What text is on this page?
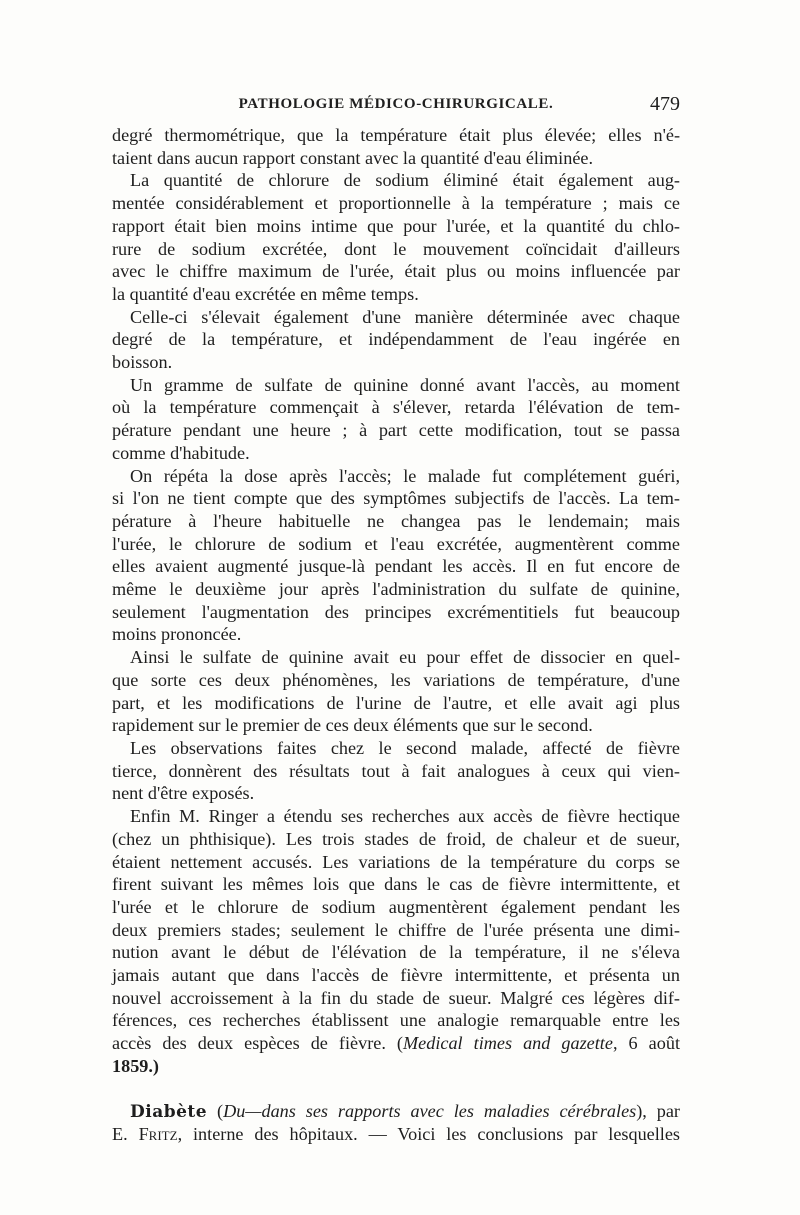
PATHOLOGIE MÉDICO-CHIRURGICALE.	479
degré thermométrique, que la température était plus élevée; elles n'é-
taient dans aucun rapport constant avec la quantité d'eau éliminée.
La quantité de chlorure de sodium éliminé était également aug-
mentée considérablement et proportionnelle à la température ; mais ce
rapport était bien moins intime que pour l'urée, et la quantité du chlo-
rure de sodium excrétée, dont le mouvement coïncidait d'ailleurs
avec le chiffre maximum de l'urée, était plus ou moins influencée par
la quantité d'eau excrétée en même temps.
Celle-ci s'élevait également d'une manière déterminée avec chaque
degré de la température, et indépendamment de l'eau ingérée en
boisson.
Un gramme de sulfate de quinine donné avant l'accès, au moment
où la température commençait à s'élever, retarda l'élévation de tem-
pérature pendant une heure ; à part cette modification, tout se passa
comme d'habitude.
On répéta la dose après l'accès; le malade fut complétement guéri,
si l'on ne tient compte que des symptômes subjectifs de l'accès. La tem-
pérature à l'heure habituelle ne changea pas le lendemain; mais
l'urée, le chlorure de sodium et l'eau excrétée, augmentèrent comme
elles avaient augmenté jusque-là pendant les accès. Il en fut encore de
même le deuxième jour après l'administration du sulfate de quinine,
seulement l'augmentation des principes excrémentitiels fut beaucoup
moins prononcée.
Ainsi le sulfate de quinine avait eu pour effet de dissocier en quel-
que sorte ces deux phénomènes, les variations de température, d'une
part, et les modifications de l'urine de l'autre, et elle avait agi plus
rapidement sur le premier de ces deux éléments que sur le second.
Les observations faites chez le second malade, affecté de fièvre
tierce, donnèrent des résultats tout à fait analogues à ceux qui vien-
nent d'être exposés.
Enfin M. Ringer a étendu ses recherches aux accès de fièvre hectique
(chez un phthisique). Les trois stades de froid, de chaleur et de sueur,
étaient nettement accusés. Les variations de la température du corps se
firent suivant les mêmes lois que dans le cas de fièvre intermittente, et
l'urée et le chlorure de sodium augmentèrent également pendant les
deux premiers stades; seulement le chiffre de l'urée présenta une dimi-
nution avant le début de l'élévation de la température, il ne s'éleva
jamais autant que dans l'accès de fièvre intermittente, et présenta un
nouvel accroissement à la fin du stade de sueur. Malgré ces légères dif-
férences, ces recherches établissent une analogie remarquable entre les
accès des deux espèces de fièvre. (Medical times and gazette, 6 août
1859.)
Diabète (Du—dans ses rapports avec les maladies cérébrales), par
E. Fritz, interne des hôpitaux. — Voici les conclusions par lesquelles
